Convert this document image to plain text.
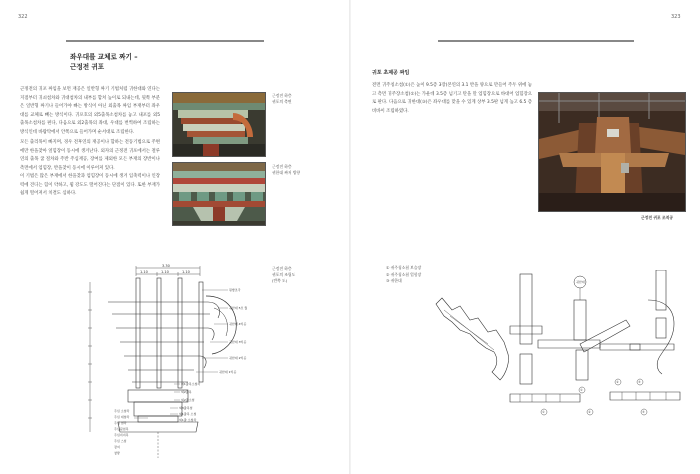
322
좌우대를 교체로 짜기 –
근정전 귀포

근정전의 귀포 짜임을 보면 재공은 일반형 짜기 기법처럼 귀한대와 연다는 지점부터 귀쇠첨차와 귀대첨차의 내부를 합쳐 높이로 되내는데, 뒷쪽 부분은 일반형 짜기나 들어가야 빠는 방식이 아닌 외출목 짜임 부재부터 좌우대를 교체로 빼는 방식이다. 귀포호의 외5출목소첨차를 놓고 내포를 외5출목소첨차를 편다, 다음으로 외2출목의 좌대, 우대를 번쩍하여 조립하는 방식인데 바람탁에서 안쪽으로 들어가며 순서대로 조립한다.

모든 출리목이 빠지며, 경우 전후연의 재공이나 함하는 전동기법으로 주변에만 한을찾아 얼힘장이 동시에 생겨난다. 외자의 근정전 귀포에서는 철루연의 출목 굽 절차와 주반 주심재공, 장여를 제외한 모든 부재의 장반이나 측면에서 엄힘장, 반을찾이 동시에 이루어져 있다.

이 기법은 많은 부재에서 한을찾과 엄힘장이 동시에 생겨 입축력이나 인장력에 견디는 힘이 약하고, 휨 강도도 떨어진다는 단점이 있다. 또한 부재가 쉽게 떨어져서 치결도 심하다.

근정전 하층
귀포의 측면
근정전 하층
귀한대 짜저 방향
3.30
1.10	1.10	1.10
원쌍조각
귀한대 5묘 월
귀한대 4익공
귀한대 3익공
귀한대 2익공
귀한대 1익공
외1출목소첨차
외2출목
외2출소첨
외3출목첨
외1출목 소첨
외1출 소첨차
주심 소첨차
주심 대첨차
주심 첨차
주심뒷침목
주심지지목
주심 스침
장여
창방
근정전 하층
귀포의 조립도
(반쪽 도)
323
귀포 초제공 짜임
전면 귀주칭소첨(①)은 높이 9.5층 3장(본연의 3.1 반을 양으로 만들어 주두 위에 놓고 측면 귀주장소첨(②)는 가운데 3.5층 넘기고 탄을 말 업힘장으로 바대어 업힘장으로 판다. 다음으로 귀한대(③)은 좌우대를 맞을 수 있게 상부 3.5판 넘게 높고 6.5 층 비바이 조립하였다.
근정전 귀포 조적공
① 귀주칭소첨 보습장
② 귀주칭소첨 업힘장
③ 귀한대	귀한대
①
②	③
①	②	③
